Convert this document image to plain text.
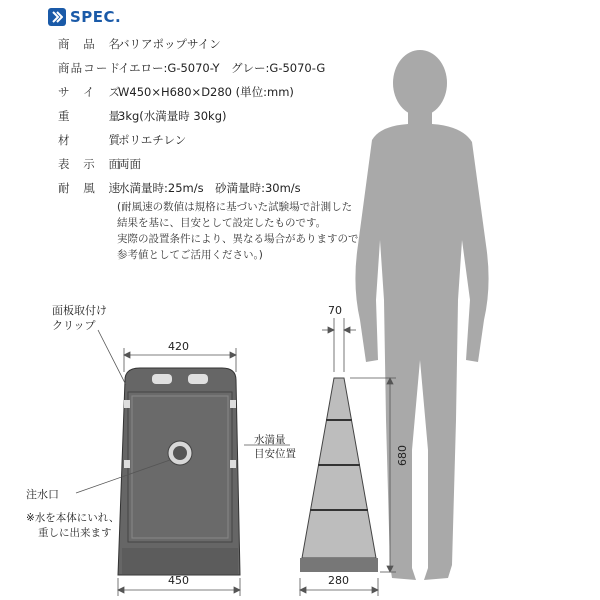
SPEC.
商品名
バリアポップサイン
商品コード
イエロー:G-5070-Y　グレー:G-5070-G
サイズ
W450×H680×D280 (単位:mm)
重量
3kg(水満量時 30kg)
材質
ポリエチレン
表示面
両面
耐風速
水満量時:25m/s　砂満量時:30m/s
(耐風速の数値は規格に基づいた試験場で計測した
結果を基に、目安として設定したものです。
実際の設置条件により、異なる場合がありますので
参考値としてご活用ください。)
面板取付け
クリップ
水満量
目安位置
注水口
※水を本体にいれ、
重しに出来ます
420
450
70
680
280
